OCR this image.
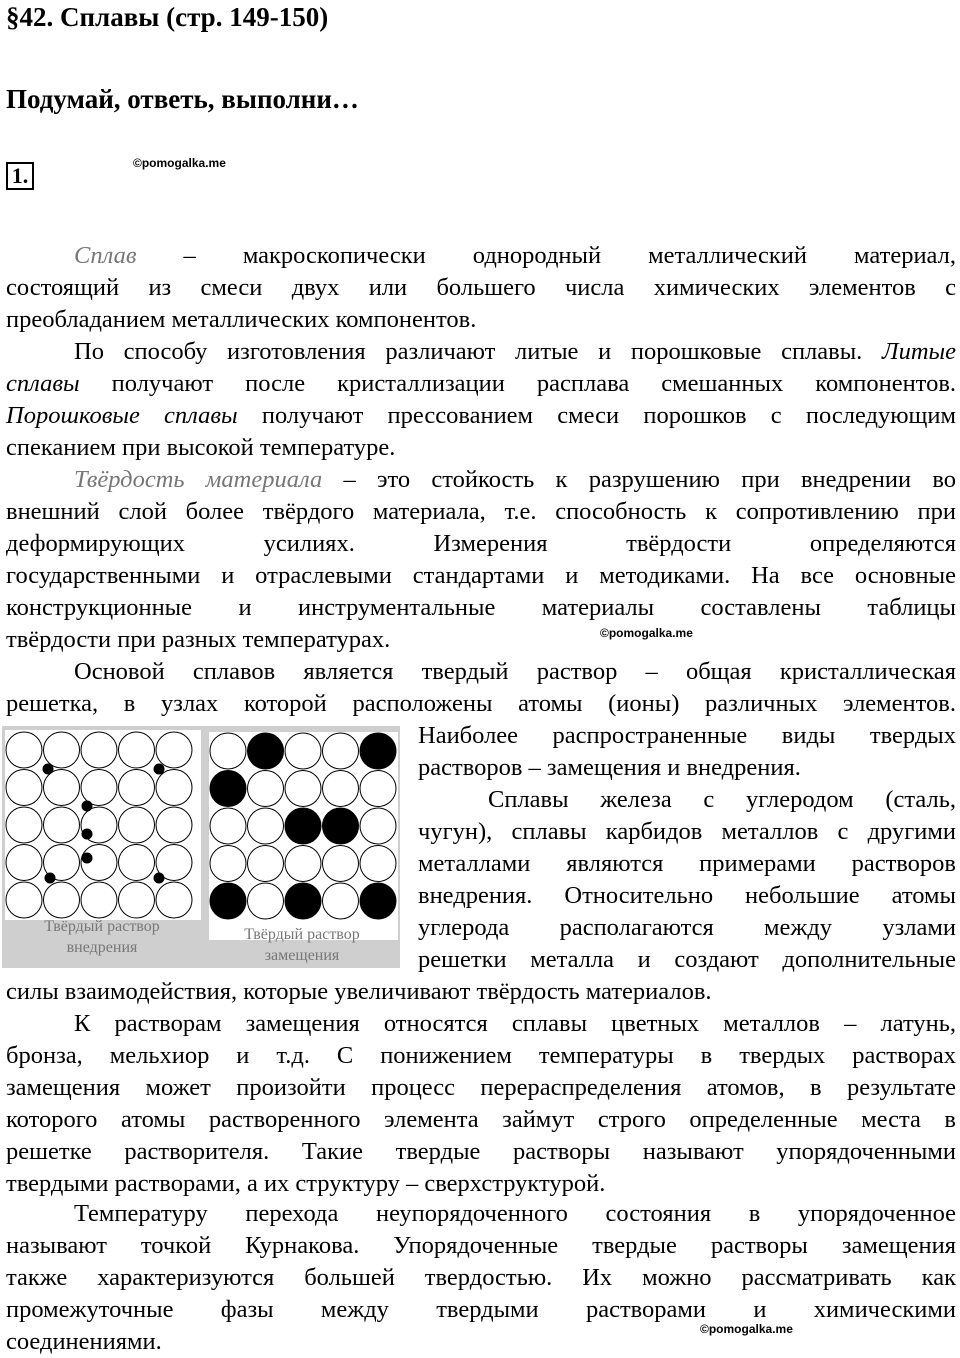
§42. Сплавы (стр. 149-150)
Подумай, ответь, выполни…
1.	©pomogalka.me
©pomogalka.me
©pomogalka.me
Сплав – макроскопически однородный металлический материал,
состоящий из смеси двух или большего числа химических элементов с
преобладанием металлических компонентов.
По способу изготовления различают литые и порошковые сплавы. Литые
сплавы получают после кристаллизации расплава смешанных компонентов.
Порошковые сплавы получают прессованием смеси порошков с последующим
спеканием при высокой температуре.
Твёрдость материала – это стойкость к разрушению при внедрении во
внешний слой более твёрдого материала, т.е. способность к сопротивлению при
деформирующих усилиях. Измерения твёрдости определяются
государственными и отраслевыми стандартами и методиками. На все основные
конструкционные и инструментальные материалы составлены таблицы
твёрдости при разных температурах.
Основой сплавов является твердый раствор – общая кристаллическая
решетка, в узлах которой расположены атомы (ионы) различных элементов.
Наиболее распространенные виды твердых
растворов – замещения и внедрения.
Сплавы железа с углеродом (сталь,
чугун), сплавы карбидов металлов с другими
металлами являются примерами растворов
внедрения. Относительно небольшие атомы
углерода располагаются между узлами
решетки металла и создают дополнительные
силы взаимодействия, которые увеличивают твёрдость материалов.
К растворам замещения относятся сплавы цветных металлов – латунь,
бронза, мельхиор и т.д. С понижением температуры в твердых растворах
замещения может произойти процесс перераспределения атомов, в результате
которого атомы растворенного элемента займут строго определенные места в
решетке растворителя. Такие твердые растворы называют упорядоченными
твердыми растворами, а их структуру – сверхструктурой.
Температуру перехода неупорядоченного состояния в упорядоченное
называют точкой Курнакова. Упорядоченные твердые растворы замещения
также характеризуются большей твердостью. Их можно рассматривать как
промежуточные фазы между твердыми растворами и химическими
соединениями.
Твёрдый раствор
внедрения
Твёрдый раствор
замещения
